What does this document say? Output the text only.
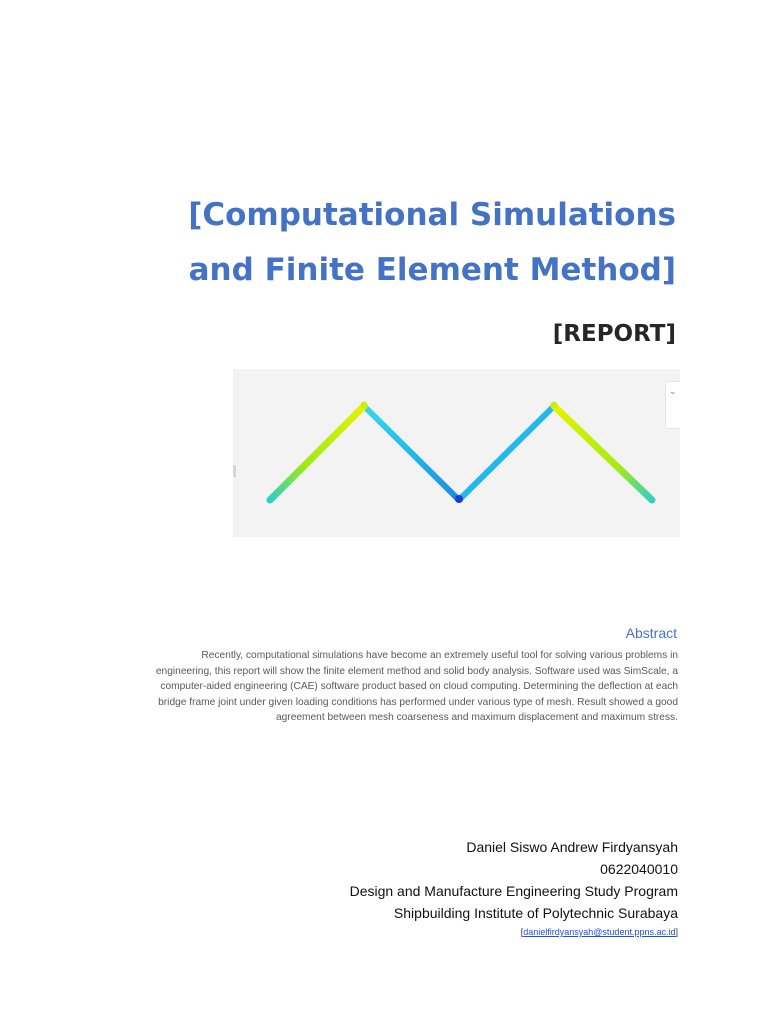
[Computational Simulations
and Finite Element Method]
[REPORT]
⌄
Abstract

Recently, computational simulations have become an extremely useful tool for solving various problems in engineering, this report will show the finite element method and solid body analysis. Software used was SimScale, a computer-aided engineering (CAE) software product based on cloud computing. Determining the deflection at each bridge frame joint under given loading conditions has performed under various type of mesh. Result showed a good agreement between mesh coarseness and maximum displacement and maximum stress.

Daniel Siswo Andrew Firdyansyah
0622040010
Design and Manufacture Engineering Study Program
Shipbuilding Institute of Polytechnic Surabaya
[danielfirdyansyah@student.ppns.ac.id]
